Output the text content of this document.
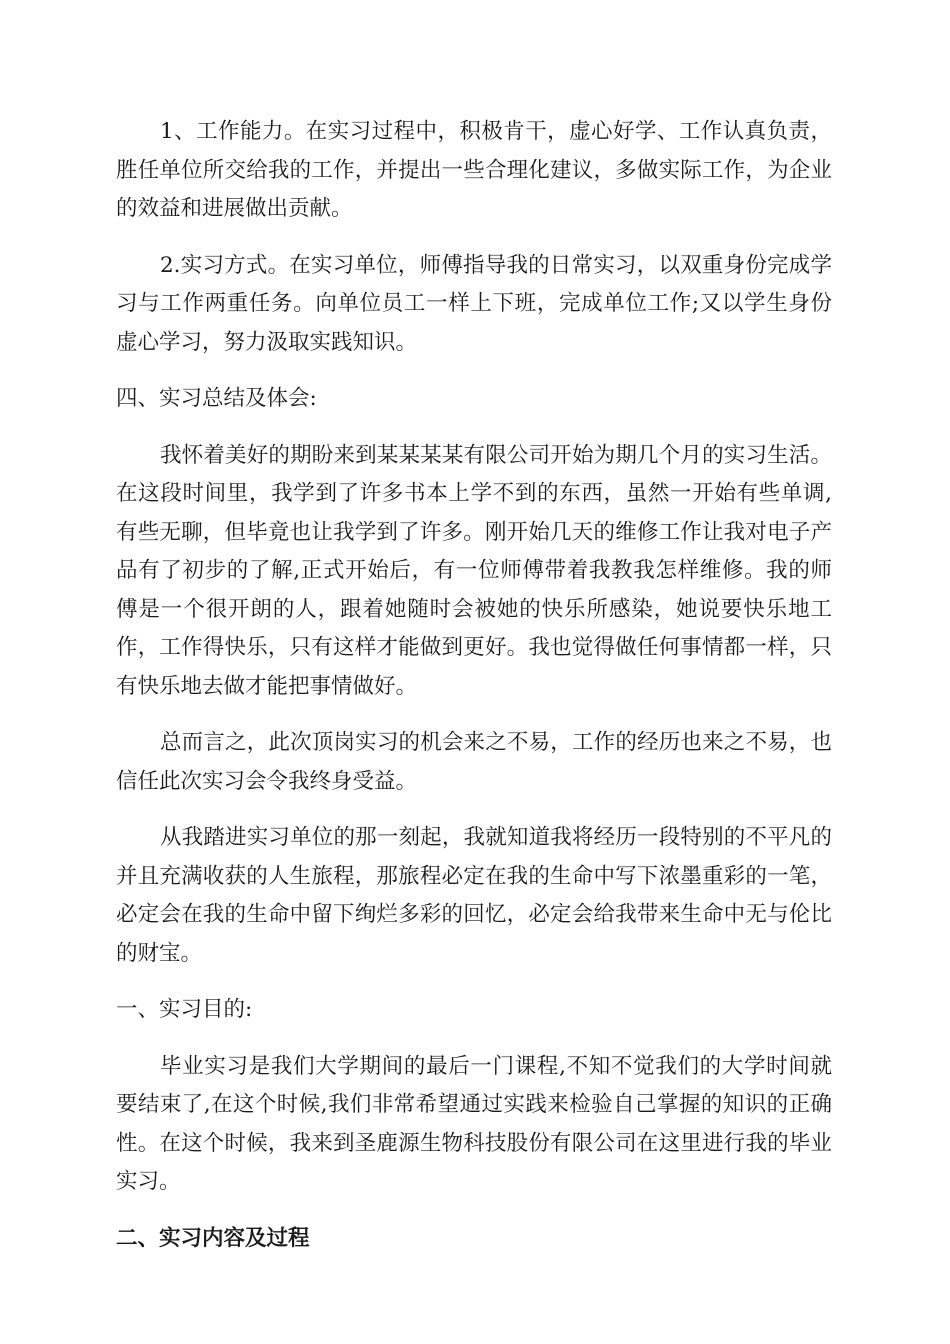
1、工作能力。在实习过程中，积极肯干，虚心好学、工作认真负责，胜任单位所交给我的工作，并提出一些合理化建议，多做实际工作，为企业的效益和进展做出贡献。

2.实习方式。在实习单位，师傅指导我的日常实习，以双重身份完成学习与工作两重任务。向单位员工一样上下班，完成单位工作;又以学生身份虚心学习，努力汲取实践知识。

四、实习总结及体会:

我怀着美好的期盼来到某某某某有限公司开始为期几个月的实习生活。在这段时间里，我学到了许多书本上学不到的东西，虽然一开始有些单调,有些无聊，但毕竟也让我学到了许多。刚开始几天的维修工作让我对电子产品有了初步的了解,正式开始后，有一位师傅带着我教我怎样维修。我的师傅是一个很开朗的人，跟着她随时会被她的快乐所感染，她说要快乐地工作，工作得快乐，只有这样才能做到更好。我也觉得做任何事情都一样，只有快乐地去做才能把事情做好。

总而言之，此次顶岗实习的机会来之不易，工作的经历也来之不易，也信任此次实习会令我终身受益。

从我踏进实习单位的那一刻起，我就知道我将经历一段特别的不平凡的并且充满收获的人生旅程，那旅程必定在我的生命中写下浓墨重彩的一笔，必定会在我的生命中留下绚烂多彩的回忆，必定会给我带来生命中无与伦比的财宝。

一、实习目的:

毕业实习是我们大学期间的最后一门课程,不知不觉我们的大学时间就要结束了,在这个时候,我们非常希望通过实践来检验自己掌握的知识的正确性。在这个时候，我来到圣鹿源生物科技股份有限公司在这里进行我的毕业实习。

二、实习内容及过程
